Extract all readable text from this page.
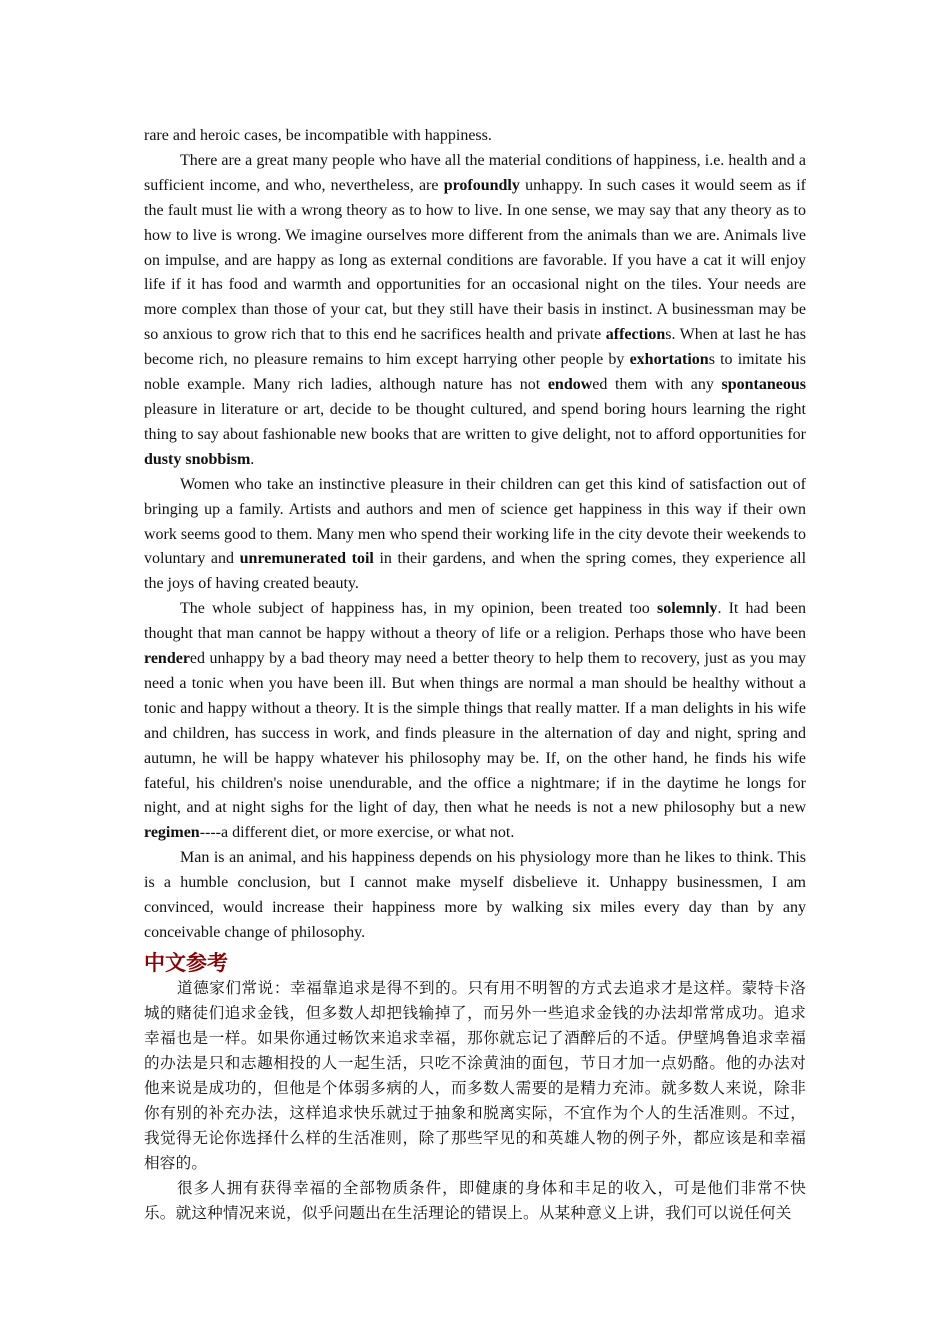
rare and heroic cases, be incompatible with happiness.

There are a great many people who have all the material conditions of happiness, i.e. health and a sufficient income, and who, nevertheless, are profoundly unhappy. In such cases it would seem as if the fault must lie with a wrong theory as to how to live. In one sense, we may say that any theory as to how to live is wrong. We imagine ourselves more different from the animals than we are. Animals live on impulse, and are happy as long as external conditions are favorable. If you have a cat it will enjoy life if it has food and warmth and opportunities for an occasional night on the tiles. Your needs are more complex than those of your cat, but they still have their basis in instinct. A businessman may be so anxious to grow rich that to this end he sacrifices health and private affections. When at last he has become rich, no pleasure remains to him except harrying other people by exhortations to imitate his noble example. Many rich ladies, although nature has not endowed them with any spontaneous pleasure in literature or art, decide to be thought cultured, and spend boring hours learning the right thing to say about fashionable new books that are written to give delight, not to afford opportunities for dusty snobbism.

Women who take an instinctive pleasure in their children can get this kind of satisfaction out of bringing up a family. Artists and authors and men of science get happiness in this way if their own work seems good to them. Many men who spend their working life in the city devote their weekends to voluntary and unremunerated toil in their gardens, and when the spring comes, they experience all the joys of having created beauty.

The whole subject of happiness has, in my opinion, been treated too solemnly. It had been thought that man cannot be happy without a theory of life or a religion. Perhaps those who have been rendered unhappy by a bad theory may need a better theory to help them to recovery, just as you may need a tonic when you have been ill. But when things are normal a man should be healthy without a tonic and happy without a theory. It is the simple things that really matter. If a man delights in his wife and children, has success in work, and finds pleasure in the alternation of day and night, spring and autumn, he will be happy whatever his philosophy may be. If, on the other hand, he finds his wife fateful, his children's noise unendurable, and the office a nightmare; if in the daytime he longs for night, and at night sighs for the light of day, then what he needs is not a new philosophy but a new regimen----a different diet, or more exercise, or what not.

Man is an animal, and his happiness depends on his physiology more than he likes to think. This is a humble conclusion, but I cannot make myself disbelieve it. Unhappy businessmen, I am convinced, would increase their happiness more by walking six miles every day than by any conceivable change of philosophy.

中文参考

道德家们常说：幸福靠追求是得不到的。只有用不明智的方式去追求才是这样。蒙特卡洛城的赌徒们追求金钱，但多数人却把钱输掉了，而另外一些追求金钱的办法却常常成功。追求幸福也是一样。如果你通过畅饮来追求幸福，那你就忘记了酒醉后的不适。伊壁鸠鲁追求幸福的办法是只和志趣相投的人一起生活，只吃不涂黄油的面包，节日才加一点奶酪。他的办法对他来说是成功的，但他是个体弱多病的人，而多数人需要的是精力充沛。就多数人来说，除非你有别的补充办法，这样追求快乐就过于抽象和脱离实际，不宜作为个人的生活准则。不过，我觉得无论你选择什么样的生活准则，除了那些罕见的和英雄人物的例子外，都应该是和幸福相容的。

很多人拥有获得幸福的全部物质条件，即健康的身体和丰足的收入，可是他们非常不快乐。就这种情况来说，似乎问题出在生活理论的错误上。从某种意义上讲，我们可以说任何关
